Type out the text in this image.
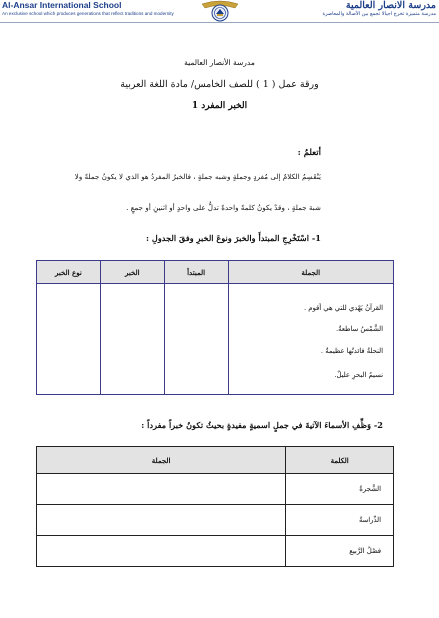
Al-Ansar International School
An exclusive school which produces generations that reflect traditions and modernity
مدرسة الانصار العالمية
مدرسة متميزة تخرج اجيالا تجمع بين الأصالة والمعاصرة
مدرسة الأنصار العالمية
ورقة عمل ( 1 ) للصف الخامس/ مادة اللغة العربية
الخبر المفرد 1
أتعلمُ :
يَنْقَسِمُ الكلامُ إلى مُفردٍ وجملةٍ وشبه جملةٍ ، فالخبرُ المفردُ هو الذي لا يكونُ جملةً ولا
شبهَ جملةٍ ، وقدْ يكونُ كلمةً واحدةً تدلُّ على واحدٍ أو اثنينِ أو جمعٍ .
1- اسْتَخْرِجِ المبتدأَ والخبرَ ونوعَ الخبرِ وفقَ الجدولِ :
الجملة	المبتدأ	الخبر	نوع الخبر
القرآنُ يَهْدي للتي هي أقوم .			
الشَّمْسُ ساطعةٌ.			
النحلةُ فائدتُها عظيمةٌ .			
نسيمُ البحرِ عليلٌ.			
2- وَظِّفِ الأسماءَ الآتيةَ في جملٍ اسميةٍ مفيدةٍ بحيثُ تكونُ خبراً مفرداً :
الكلمة	الجملة
الشَّجرةُ	
الدِّراسةُ	
فصْلُ الرَّبيع	
